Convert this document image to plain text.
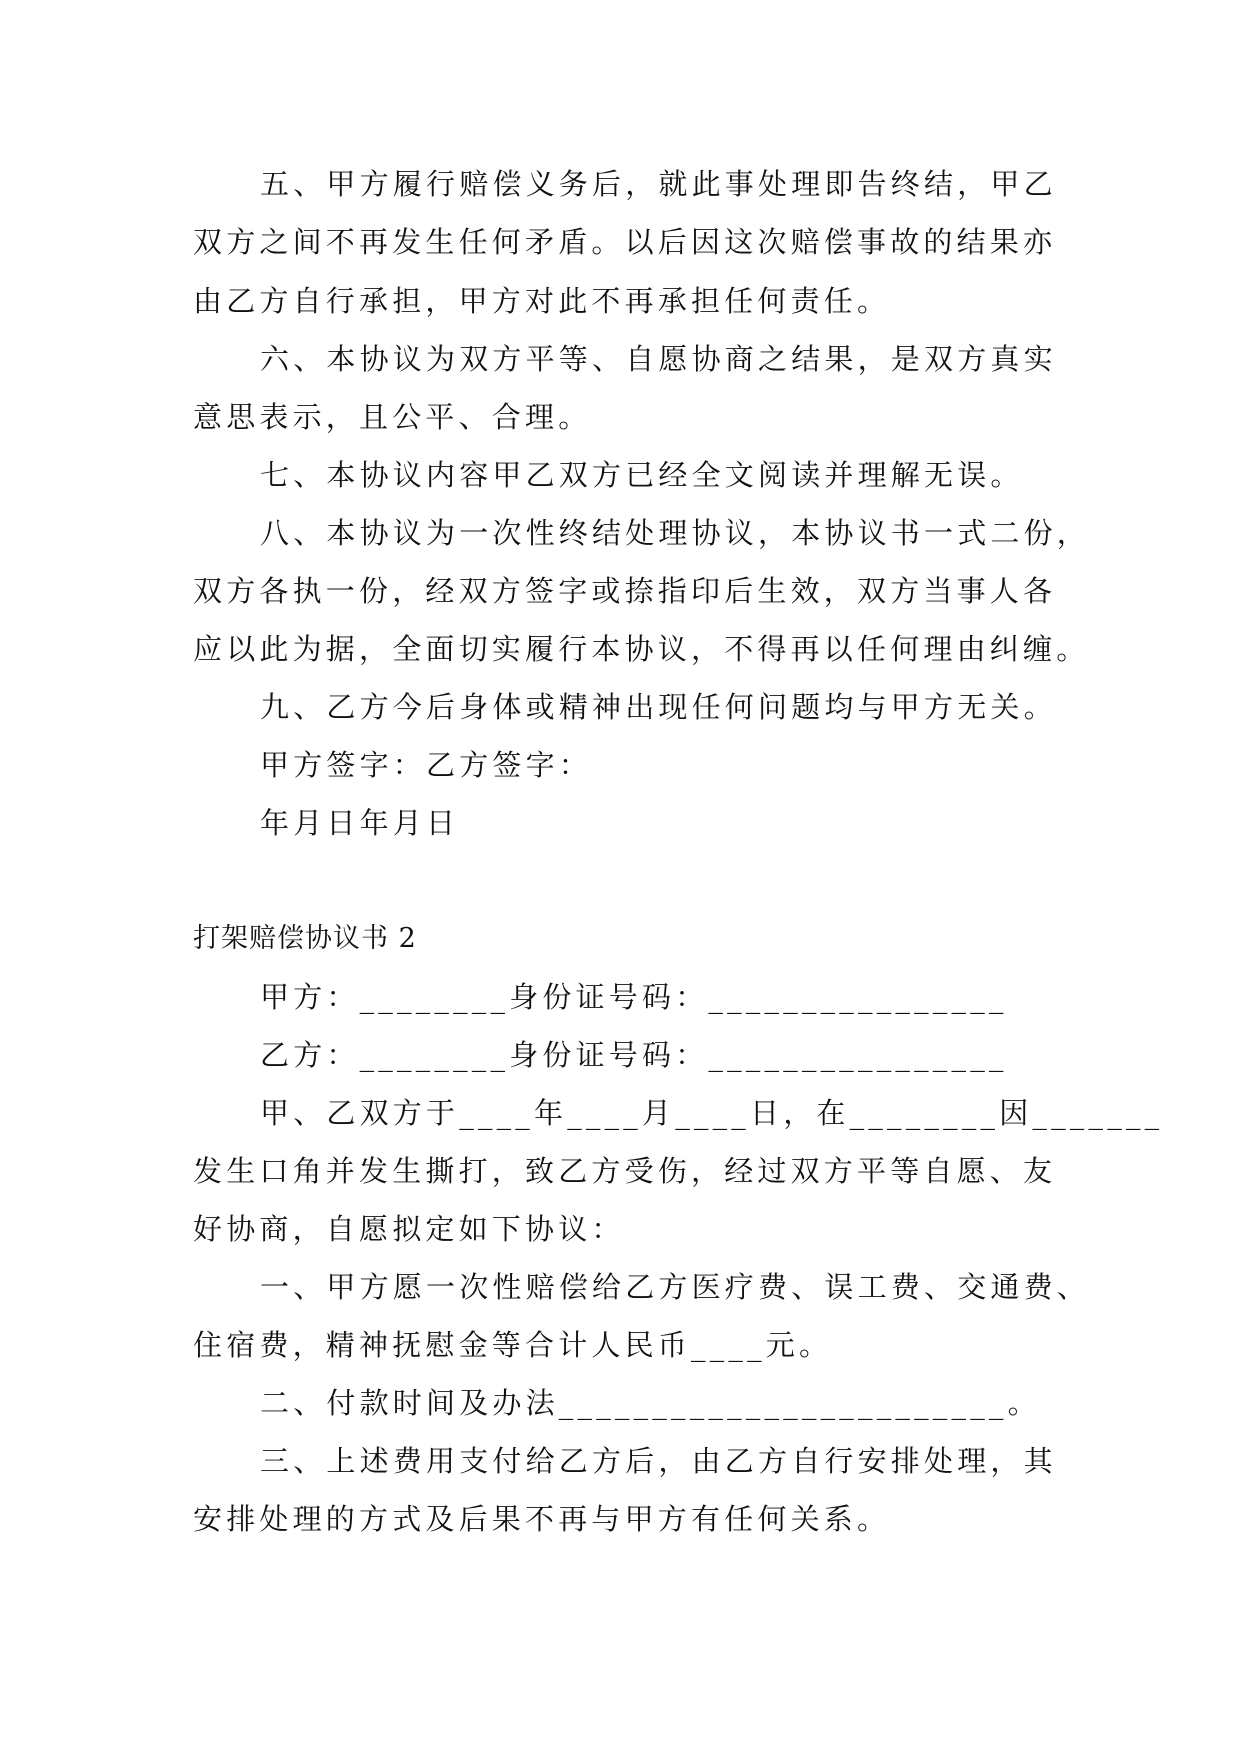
五、甲方履行赔偿义务后，就此事处理即告终结，甲乙
双方之间不再发生任何矛盾。以后因这次赔偿事故的结果亦
由乙方自行承担，甲方对此不再承担任何责任。
六、本协议为双方平等、自愿协商之结果，是双方真实
意思表示，且公平、合理。
七、本协议内容甲乙双方已经全文阅读并理解无误。
八、本协议为一次性终结处理协议，本协议书一式二份，
双方各执一份，经双方签字或捺指印后生效，双方当事人各
应以此为据，全面切实履行本协议，不得再以任何理由纠缠。
九、乙方今后身体或精神出现任何问题均与甲方无关。
甲方签字：乙方签字：
年月日年月日
打架赔偿协议书 2
甲方：________身份证号码：________________
乙方：________身份证号码：________________
甲、乙双方于____年____月____日，在________因_______
发生口角并发生撕打，致乙方受伤，经过双方平等自愿、友
好协商，自愿拟定如下协议：
一、甲方愿一次性赔偿给乙方医疗费、误工费、交通费、
住宿费，精神抚慰金等合计人民币____元。
二、付款时间及办法________________________。
三、上述费用支付给乙方后，由乙方自行安排处理，其
安排处理的方式及后果不再与甲方有任何关系。
